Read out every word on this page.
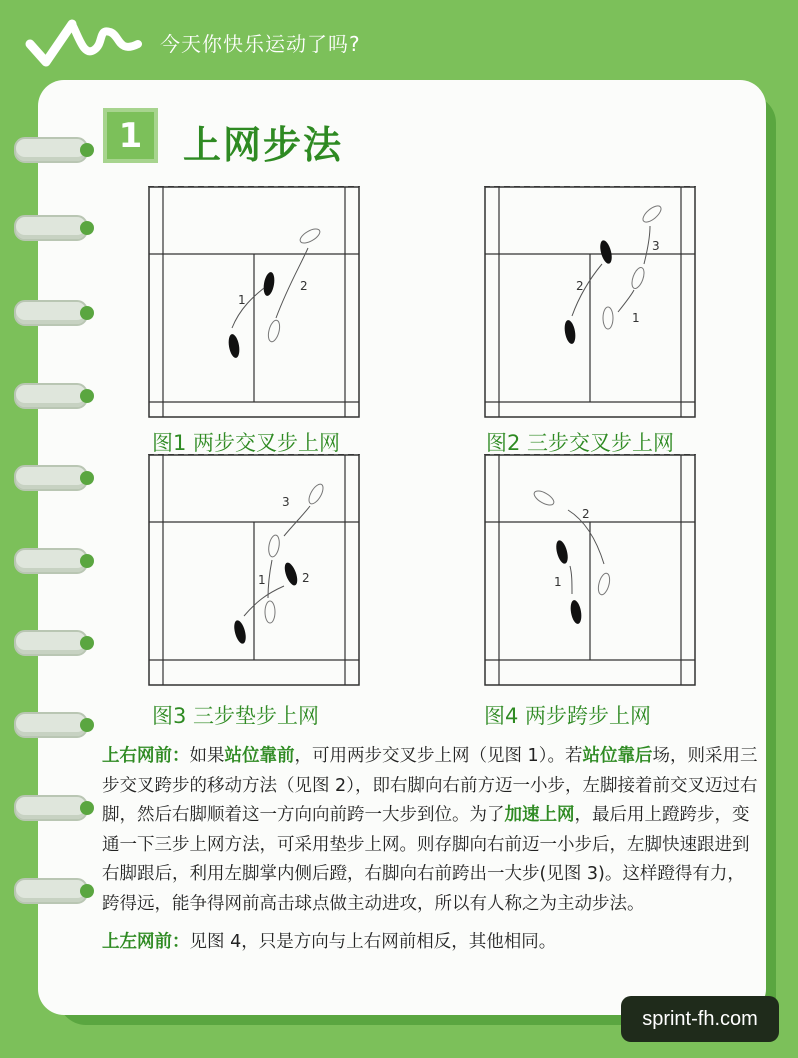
今天你快乐运动了吗?
1	上网步法
1
2
图1 两步交叉步上网
3
2
1
图2 三步交叉步上网
3
1	2
图3 三步垫步上网
2
1
图4 两步跨步上网

上右网前：如果站位靠前，可用两步交叉步上网（见图 1）。若站位靠后场，则采用三步交叉跨步的移动方法（见图 2），即右脚向右前方迈一小步，左脚接着前交叉迈过右脚，然后右脚顺着这一方向向前跨一大步到位。为了加速上网，最后用上蹬跨步，变通一下三步上网方法，可采用垫步上网。则存脚向右前迈一小步后，左脚快速跟进到右脚跟后，利用左脚掌内侧后蹬，右脚向右前跨出一大步(见图 3)。这样蹬得有力，跨得远，能争得网前高击球点做主动进攻，所以有人称之为主动步法。

上左网前：见图 4，只是方向与上右网前相反，其他相同。

sprint-fh.com
